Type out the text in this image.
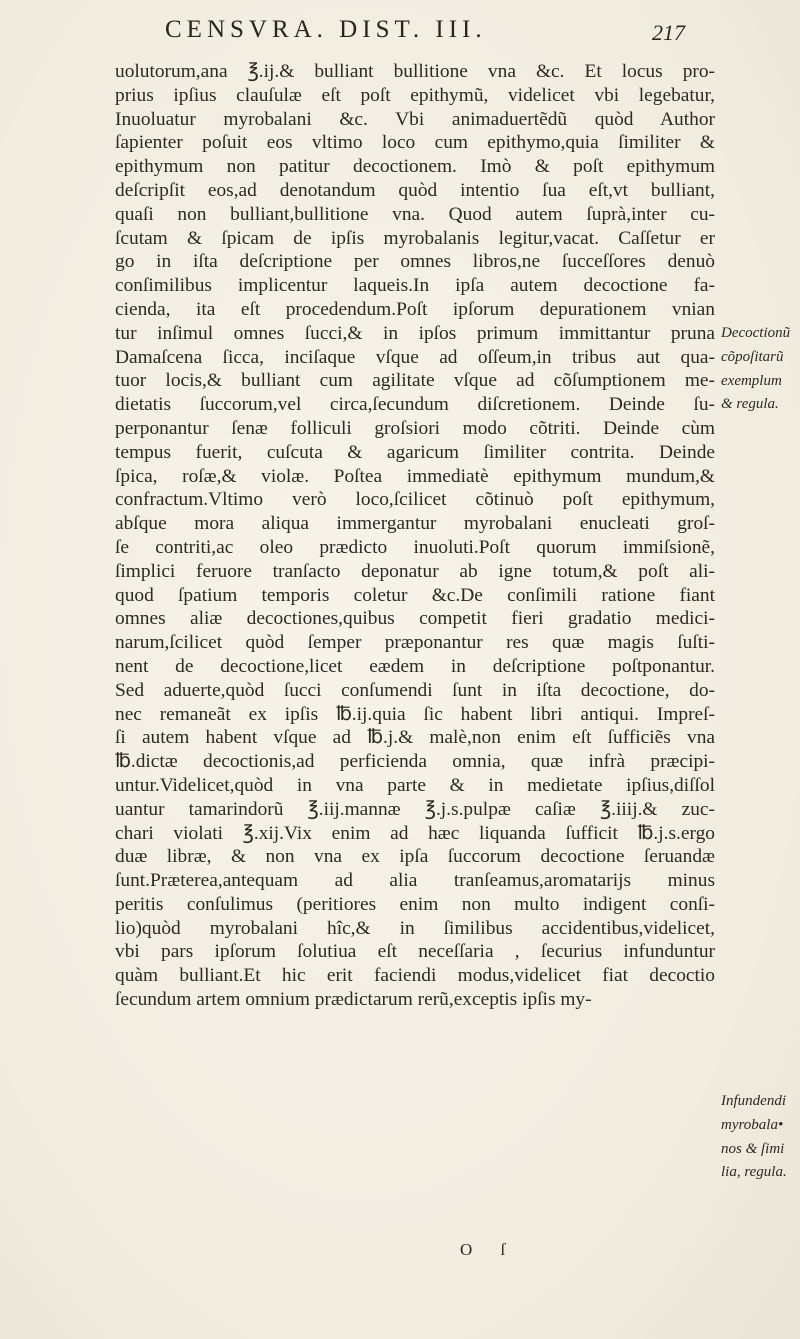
CENSVRA. DIST. III.	217
uolutorum,ana ℥.ij.& bulliant bullitione vna &c. Et locus pro-
prius ipſius clauſulæ eſt poſt epithymũ, videlicet vbi legebatur,
Inuoluatur myrobalani &c. Vbi animaduertẽdũ quòd Author
ſapienter poſuit eos vltimo loco cum epithymo,quia ſimiliter &
epithymum non patitur decoctionem. Imò & poſt epithymum
deſcripſit eos,ad denotandum quòd intentio ſua eſt,vt bulliant,
quaſi non bulliant,bullitione vna. Quod autem ſuprà,inter cu-
ſcutam & ſpicam de ipſis myrobalanis legitur,vacat. Caſſetur er
go in iſta deſcriptione per omnes libros,ne ſucceſſores denuò
conſimilibus implicentur laqueis.In ipſa autem decoctione fa-
cienda, ita eſt procedendum.Poſt ipſorum depurationem vnian
tur inſimul omnes ſucci,& in ipſos primum immittantur pruna
Damaſcena ſicca, inciſaque vſque ad oſſeum,in tribus aut qua-
tuor locis,& bulliant cum agilitate vſque ad cõſumptionem me-
dietatis ſuccorum,vel circa,ſecundum diſcretionem. Deinde ſu-
perponantur ſenæ folliculi groſsiori modo cõtriti. Deinde cùm
tempus fuerit, cuſcuta & agaricum ſimiliter contrita. Deinde
ſpica, roſæ,& violæ. Poſtea immediatè epithymum mundum,&
confractum.Vltimo verò loco,ſcilicet cõtinuò poſt epithymum,
abſque mora aliqua immergantur myrobalani enucleati groſ-
ſe contriti,ac oleo prædicto inuoluti.Poſt quorum immiſsionẽ,
ſimplici feruore tranſacto deponatur ab igne totum,& poſt ali-
quod ſpatium temporis coletur &c.De conſimili ratione fiant
omnes aliæ decoctiones,quibus competit fieri gradatio medici-
narum,ſcilicet quòd ſemper præponantur res quæ magis ſuſti-
nent de decoctione,licet eædem in deſcriptione poſtponantur.
Sed aduerte,quòd ſucci conſumendi ſunt in iſta decoctione, do-
nec remaneãt ex ipſis ℔.ij.quia ſic habent libri antiqui. Impreſ-
ſi autem habent vſque ad ℔.j.& malè,non enim eſt ſufficiẽs vna
℔.dictæ decoctionis,ad perficienda omnia, quæ infrà præcipi-
untur.Videlicet,quòd in vna parte & in medietate ipſius,diſſol
uantur tamarindorũ ℥.iij.mannæ ℥.j.s.pulpæ caſiæ ℥.iiij.& zuc-
chari violati ℥.xij.Vix enim ad hæc liquanda ſufficit ℔.j.s.ergo
duæ libræ, & non vna ex ipſa ſuccorum decoctione ſeruandæ
ſunt.Præterea,antequam ad alia tranſeamus,aromatarijs minus
peritis conſulimus (peritiores enim non multo indigent conſi-
lio)quòd myrobalani hîc,& in ſimilibus accidentibus,videlicet,
vbi pars ipſorum ſolutiua eſt neceſſaria , ſecurius infunduntur
quàm bulliant.Et hic erit faciendi modus,videlicet fiat decoctio
ſecundum artem omnium prædictarum rerũ,exceptis ipſis my-
Decoctionũ
cõpoſitarũ
exemplum
& regula.
Infundendi
myrobala•
nos & ſimi
lia, regula.
O ſ
